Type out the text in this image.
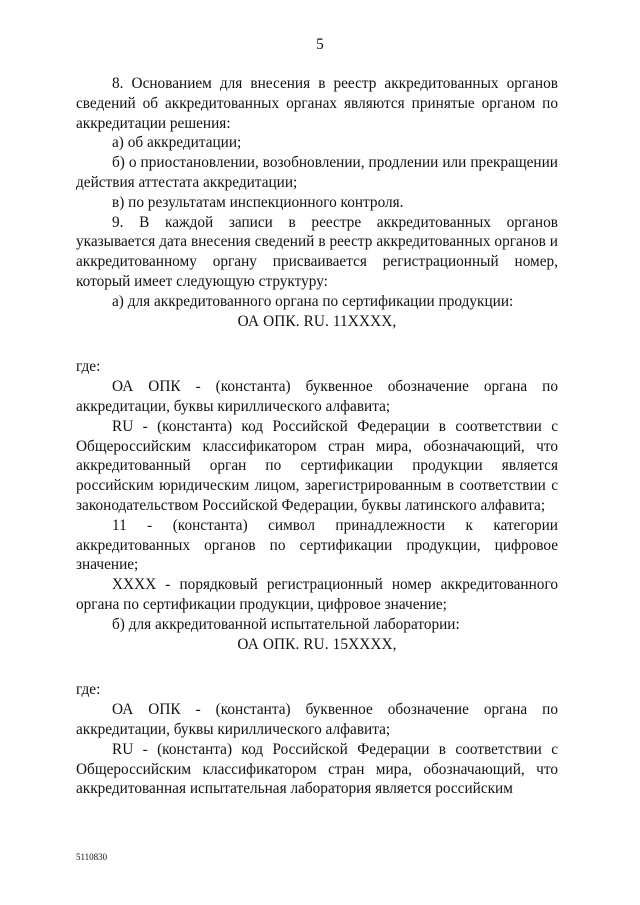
5

8. Основанием для внесения в реестр аккредитованных органов сведений об аккредитованных органах являются принятые органом по аккредитации решения:

а) об аккредитации;

б) о приостановлении, возобновлении, продлении или прекращении действия аттестата аккредитации;

в) по результатам инспекционного контроля.

9. В каждой записи в реестре аккредитованных органов указывается дата внесения сведений в реестр аккредитованных органов и аккредитованному органу присваивается регистрационный номер, который имеет следующую структуру:

а) для аккредитованного органа по сертификации продукции:

ОА ОПК. RU. 11ХХХХ,

где:

ОА ОПК - (константа) буквенное обозначение органа по аккредитации, буквы кириллического алфавита;

RU - (константа) код Российской Федерации в соответствии с Общероссийским классификатором стран мира, обозначающий, что аккредитованный орган по сертификации продукции является российским юридическим лицом, зарегистрированным в соответствии с законодательством Российской Федерации, буквы латинского алфавита;

11 - (константа) символ принадлежности к категории аккредитованных органов по сертификации продукции, цифровое значение;

ХХХХ - порядковый регистрационный номер аккредитованного органа по сертификации продукции, цифровое значение;

б) для аккредитованной испытательной лаборатории:

ОА ОПК. RU. 15ХХХХ,

где:

ОА ОПК - (константа) буквенное обозначение органа по аккредитации, буквы кириллического алфавита;

RU - (константа) код Российской Федерации в соответствии с Общероссийским классификатором стран мира, обозначающий, что аккредитованная испытательная лаборатория является российским

5110830
